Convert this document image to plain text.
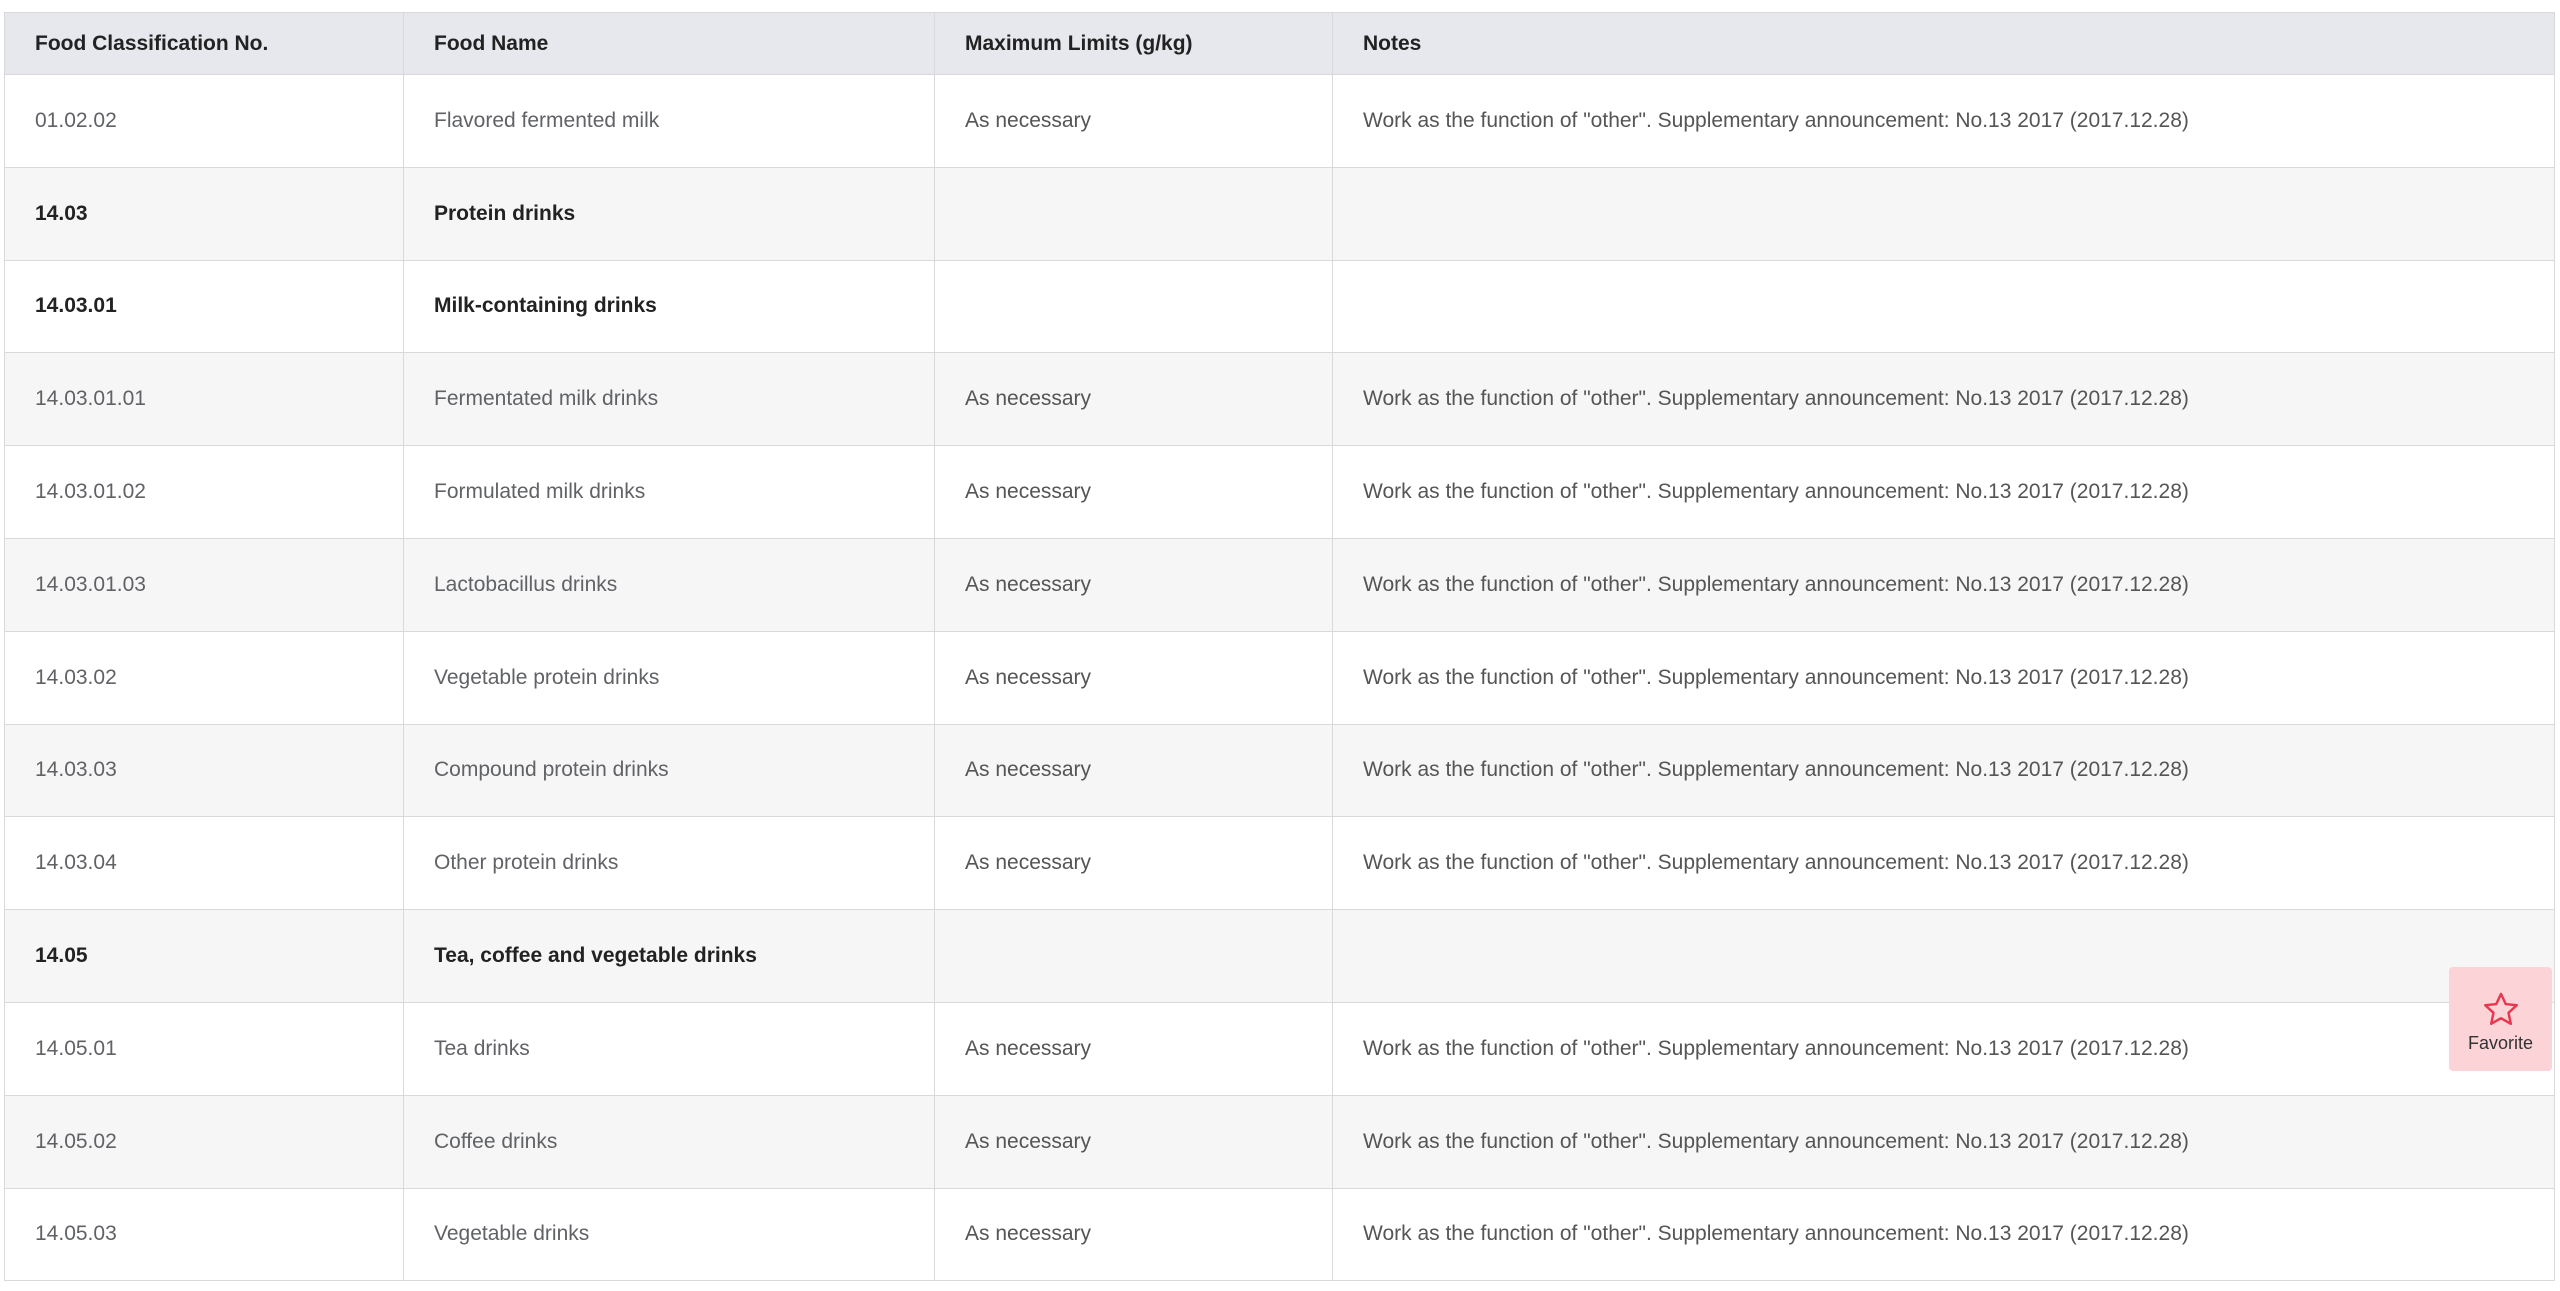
Food Classification No.	Food Name	Maximum Limits (g/kg)	Notes
01.02.02	Flavored fermented milk	As necessary	Work as the function of "other". Supplementary announcement: No.13 2017 (2017.12.28)
14.03	Protein drinks		
14.03.01	Milk-containing drinks		
14.03.01.01	Fermentated milk drinks	As necessary	Work as the function of "other". Supplementary announcement: No.13 2017 (2017.12.28)
14.03.01.02	Formulated milk drinks	As necessary	Work as the function of "other". Supplementary announcement: No.13 2017 (2017.12.28)
14.03.01.03	Lactobacillus drinks	As necessary	Work as the function of "other". Supplementary announcement: No.13 2017 (2017.12.28)
14.03.02	Vegetable protein drinks	As necessary	Work as the function of "other". Supplementary announcement: No.13 2017 (2017.12.28)
14.03.03	Compound protein drinks	As necessary	Work as the function of "other". Supplementary announcement: No.13 2017 (2017.12.28)
14.03.04	Other protein drinks	As necessary	Work as the function of "other". Supplementary announcement: No.13 2017 (2017.12.28)
14.05	Tea, coffee and vegetable drinks		
14.05.01	Tea drinks	As necessary	Work as the function of "other". Supplementary announcement: No.13 2017 (2017.12.28)
14.05.02	Coffee drinks	As necessary	Work as the function of "other". Supplementary announcement: No.13 2017 (2017.12.28)
14.05.03	Vegetable drinks	As necessary	Work as the function of "other". Supplementary announcement: No.13 2017 (2017.12.28)
Favorite
